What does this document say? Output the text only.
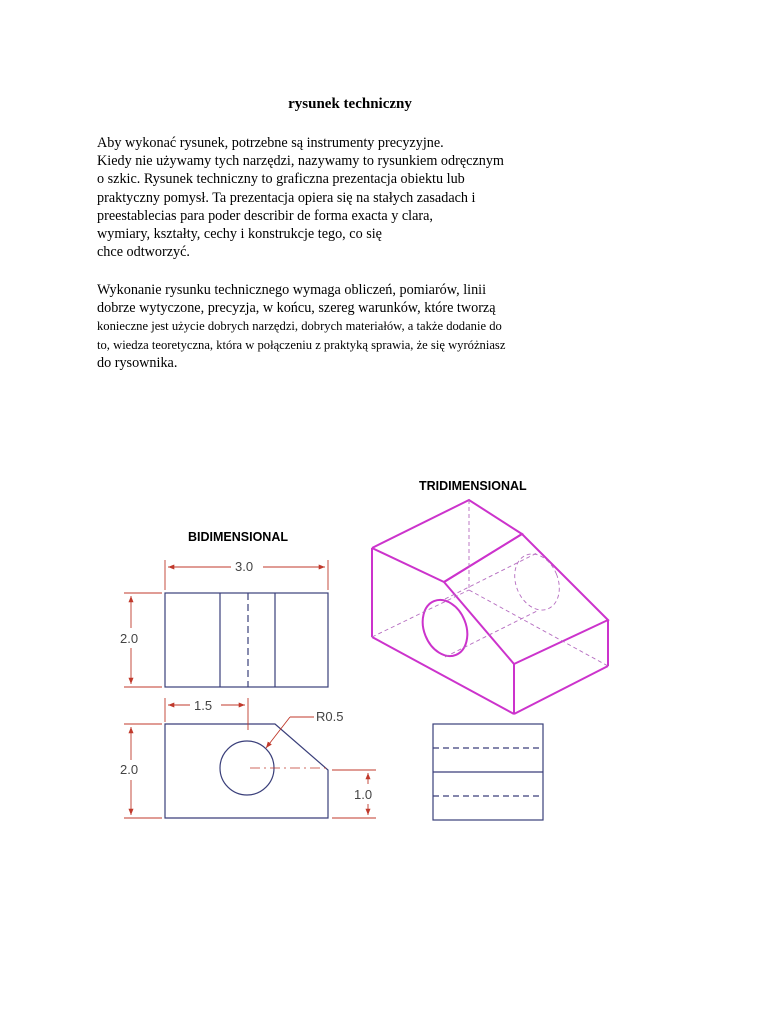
rysunek techniczny
Aby wykonać rysunek, potrzebne są instrumenty precyzyjne.
Kiedy nie używamy tych narzędzi, nazywamy to rysunkiem odręcznym
o szkic. Rysunek techniczny to graficzna prezentacja obiektu lub
praktyczny pomysł. Ta prezentacja opiera się na stałych zasadach i
preestablecias para poder describir de forma exacta y clara,
wymiary, kształty, cechy i konstrukcje tego, co się
chce odtworzyć.
Wykonanie rysunku technicznego wymaga obliczeń, pomiarów, linii
dobrze wytyczone, precyzja, w końcu, szereg warunków, które tworzą
konieczne jest użycie dobrych narzędzi, dobrych materiałów, a także dodanie do
to, wiedza teoretyczna, która w połączeniu z praktyką sprawia, że się wyróżniasz
do rysownika.
BIDIMENSIONAL
TRIDIMENSIONAL
3.0
2.0
1.5
2.0
R0.5
1.0
